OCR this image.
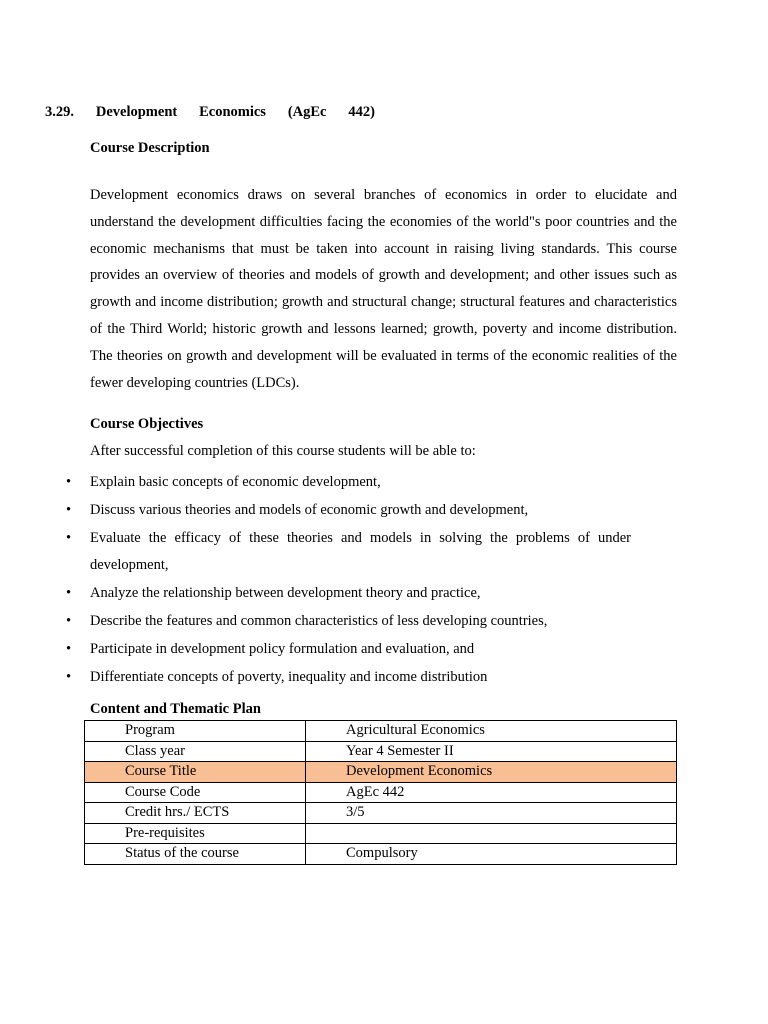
3.29. Development Economics (AgEc 442)
Course Description

Development economics draws on several branches of economics in order to elucidate and understand the development difficulties facing the economies of the world"s poor countries and the economic mechanisms that must be taken into account in raising living standards. This course provides an overview of theories and models of growth and development; and other issues such as growth and income distribution; growth and structural change; structural features and characteristics of the Third World; historic growth and lessons learned; growth, poverty and income distribution. The theories on growth and development will be evaluated in terms of the economic realities of the fewer developing countries (LDCs).

Course Objectives
After successful completion of this course students will be able to:
• Explain basic concepts of economic development,
• Discuss various theories and models of economic growth and development,
• Evaluate the efficacy of these theories and models in solving the problems of under development,
• Analyze the relationship between development theory and practice,
• Describe the features and common characteristics of less developing countries,
• Participate in development policy formulation and evaluation, and
• Differentiate concepts of poverty, inequality and income distribution
Content and Thematic Plan
Program	Agricultural Economics
Class year	Year 4 Semester II
Course Title	Development Economics
Course Code	AgEc 442
Credit hrs./ ECTS	3/5
Pre-requisites	
Status of the course	Compulsory
